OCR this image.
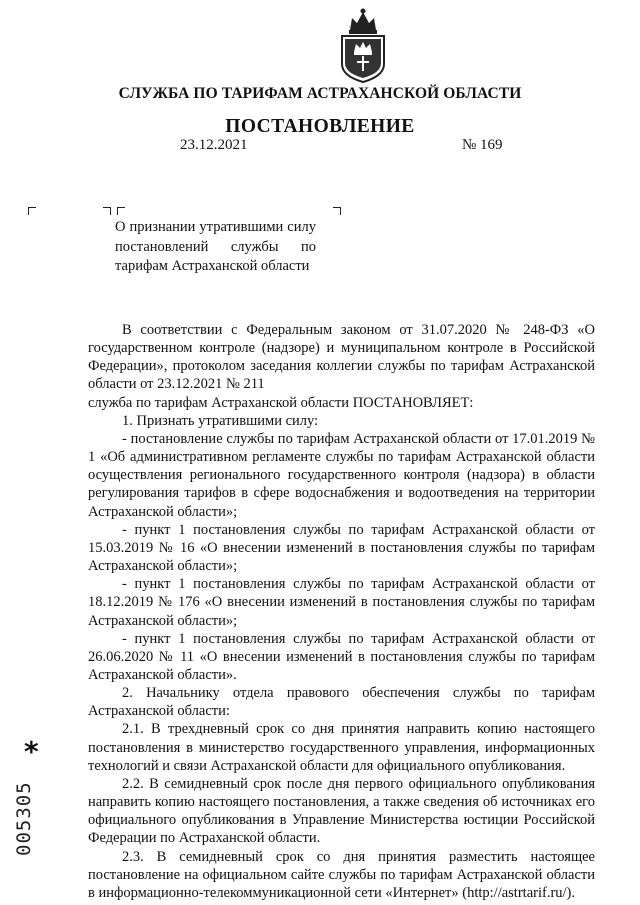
СЛУЖБА ПО ТАРИФАМ АСТРАХАНСКОЙ ОБЛАСТИ
ПОСТАНОВЛЕНИЕ
23.12.2021	№ 169
О признании утратившими силу постановлений службы по тарифам Астраханской области

В соответствии с Федеральным законом от 31.07.2020 № 248-ФЗ «О государственном контроле (надзоре) и муниципальном контроле в Российской Федерации», протоколом заседания коллегии службы по тарифам Астраханской области от 23.12.2021 № 211

служба по тарифам Астраханской области ПОСТАНОВЛЯЕТ:

1. Признать утратившими силу:

- постановление службы по тарифам Астраханской области от 17.01.2019 № 1 «Об административном регламенте службы по тарифам Астраханской области осуществления регионального государственного контроля (надзора) в области регулирования тарифов в сфере водоснабжения и водоотведения на территории Астраханской области»;

- пункт 1 постановления службы по тарифам Астраханской области от 15.03.2019 № 16 «О внесении изменений в постановления службы по тарифам Астраханской области»;

- пункт 1 постановления службы по тарифам Астраханской области от 18.12.2019 № 176 «О внесении изменений в постановления службы по тарифам Астраханской области»;

- пункт 1 постановления службы по тарифам Астраханской области от 26.06.2020 № 11 «О внесении изменений в постановления службы по тарифам Астраханской области».

2. Начальнику отдела правового обеспечения службы по тарифам Астраханской области:

2.1. В трехдневный срок со дня принятия направить копию настоящего постановления в министерство государственного управления, информационных технологий и связи Астраханской области для официального опубликования.

2.2. В семидневный срок после дня первого официального опубликования направить копию настоящего постановления, а также сведения об источниках его официального опубликования в Управление Министерства юстиции Российской Федерации по Астраханской области.

2.3. В семидневный срок со дня принятия разместить настоящее постановление на официальном сайте службы по тарифам Астраханской области в информационно-телекоммуникационной сети «Интернет» (http://astrtarif.ru/).

*
005305
